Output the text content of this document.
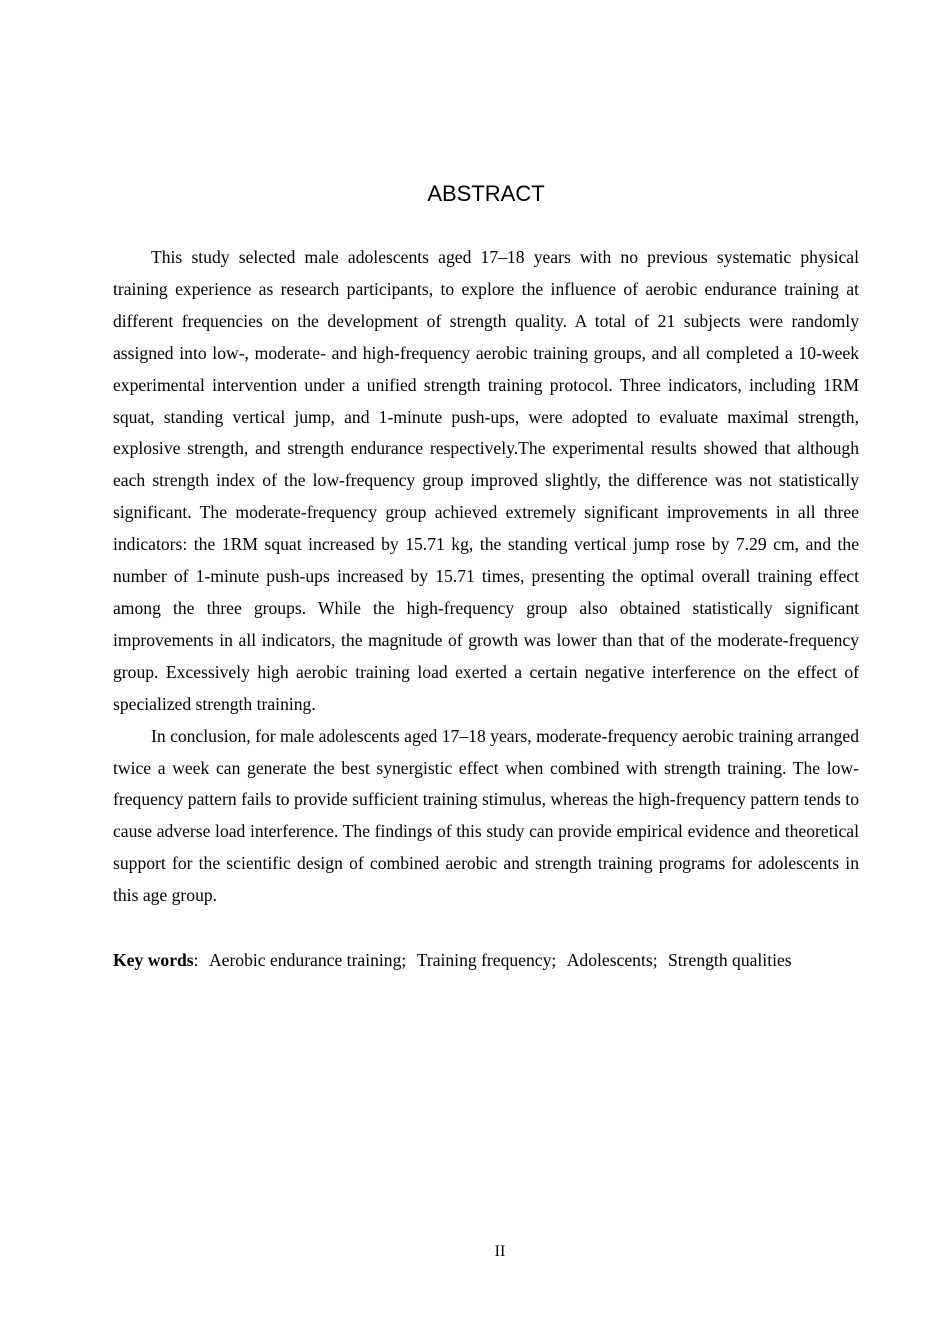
ABSTRACT

This study selected male adolescents aged 17–18 years with no previous systematic physical training experience as research participants, to explore the influence of aerobic endurance training at different frequencies on the development of strength quality. A total of 21 subjects were randomly assigned into low-, moderate- and high-frequency aerobic training groups, and all completed a 10-week experimental intervention under a unified strength training protocol. Three indicators, including 1RM squat, standing vertical jump, and 1-minute push-ups, were adopted to evaluate maximal strength, explosive strength, and strength endurance respectively.The experimental results showed that although each strength index of the low-frequency group improved slightly, the difference was not statistically significant. The moderate-frequency group achieved extremely significant improvements in all three indicators: the 1RM squat increased by 15.71 kg, the standing vertical jump rose by 7.29 cm, and the number of 1-minute push-ups increased by 15.71 times, presenting the optimal overall training effect among the three groups. While the high-frequency group also obtained statistically significant improvements in all indicators, the magnitude of growth was lower than that of the moderate-frequency group. Excessively high aerobic training load exerted a certain negative interference on the effect of specialized strength training.

In conclusion, for male adolescents aged 17–18 years, moderate-frequency aerobic training arranged twice a week can generate the best synergistic effect when combined with strength training. The low-frequency pattern fails to provide sufficient training stimulus, whereas the high-frequency pattern tends to cause adverse load interference. The findings of this study can provide empirical evidence and theoretical support for the scientific design of combined aerobic and strength training programs for adolescents in this age group.

Key words: Aerobic endurance training; Training frequency; Adolescents; Strength qualities
II
